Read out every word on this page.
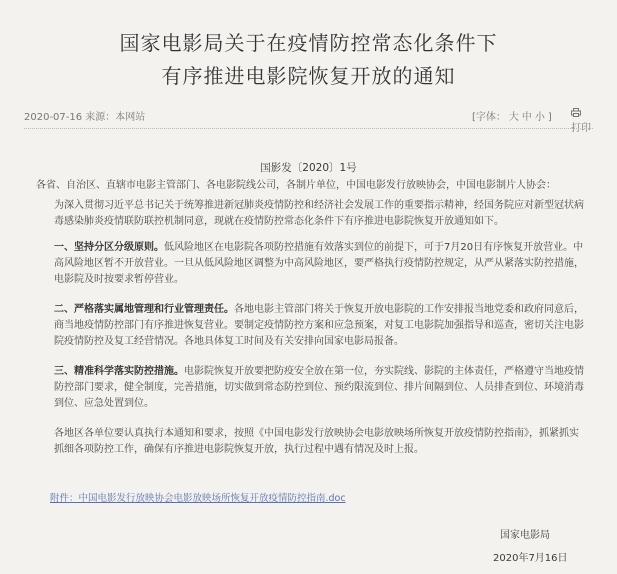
国家电影局关于在疫情防控常态化条件下
有序推进电影院恢复开放的通知
2020-07-16 来源：本网站	[字体： 大 中 小 ]
打印
国影发〔2020〕1号
各省、自治区、直辖市电影主管部门、各电影院线公司，各制片单位，中国电影发行放映协会，中国电影制片人协会：
为深入贯彻习近平总书记关于统筹推进新冠肺炎疫情防控和经济社会发展工作的重要指示精神，经国务院应对新型冠状病毒感染肺炎疫情联防联控机制同意，现就在疫情防控常态化条件下有序推进电影院恢复开放通知如下。
一、坚持分区分级原则。低风险地区在电影院各项防控措施有效落实到位的前提下，可于7月20日有序恢复开放营业。中高风险地区暂不开放营业。一旦从低风险地区调整为中高风险地区，要严格执行疫情防控规定，从严从紧落实防控措施，电影院及时按要求暂停营业。
二、严格落实属地管理和行业管理责任。各地电影主管部门将关于恢复开放电影院的工作安排报当地党委和政府同意后，商当地疫情防控部门有序推进恢复营业。要制定疫情防控方案和应急预案，对复工电影院加强指导和巡查，密切关注电影院疫情防控及复工经营情况。各地具体复工时间及有关安排向国家电影局报备。
三、精准科学落实防控措施。电影院恢复开放要把防疫安全放在第一位，夯实院线、影院的主体责任，严格遵守当地疫情防控部门要求，健全制度，完善措施，切实做到常态防控到位、预约限流到位、排片间隔到位、人员排查到位、环境消毒到位、应急处置到位。
各地区各单位要认真执行本通知和要求，按照《中国电影发行放映协会电影放映场所恢复开放疫情防控指南》，抓紧抓实抓细各项防控工作，确保有序推进电影院恢复开放，执行过程中遇有情况及时上报。
附件：中国电影发行放映协会电影放映场所恢复开放疫情防控指南.doc
国家电影局
2020年7月16日
